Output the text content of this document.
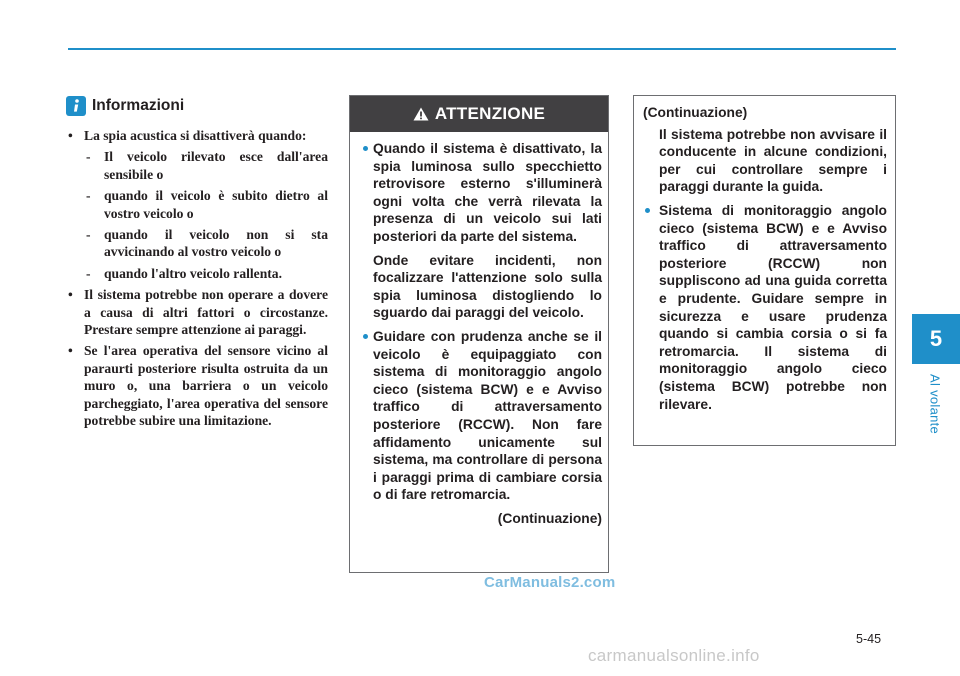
5
Al volante
Informazioni
• La spia acustica si disattiverà quando:
- Il veicolo rilevato esce dall'area sensibile o
- quando il veicolo è subito dietro al vostro veicolo o
- quando il veicolo non si sta avvicinando al vostro veicolo o
- quando l'altro veicolo rallenta.
• Il sistema potrebbe non operare a dovere a causa di altri fattori o circostanze. Prestare sempre attenzione ai paraggi.
• Se l'area operativa del sensore vicino al paraurti posteriore risulta ostruita da un muro o, una barriera o un veicolo parcheggiato, l'area operativa del sensore potrebbe subire una limitazione.
ATTENZIONE
Quando il sistema è disattivato, la spia luminosa sullo specchietto retrovisore esterno s'illuminerà ogni volta che verrà rilevata la presenza di un veicolo sui lati posteriori da parte del sistema.
Onde evitare incidenti, non focalizzare l'attenzione solo sulla spia luminosa distogliendo lo sguardo dai paraggi del veicolo.
Guidare con prudenza anche se il veicolo è equipaggiato con sistema di monitoraggio angolo cieco (sistema BCW) e e Avviso traffico di attraversamento posteriore (RCCW). Non fare affidamento unicamente sul sistema, ma controllare di persona i paraggi prima di cambiare corsia o di fare retromarcia.
(Continuazione)
(Continuazione)
Il sistema potrebbe non avvisare il conducente in alcune condizioni, per cui controllare sempre i paraggi durante la guida.
Sistema di monitoraggio angolo cieco (sistema BCW) e e Avviso traffico di attraversamento posteriore (RCCW) non suppliscono ad una guida corretta e prudente. Guidare sempre in sicurezza e usare prudenza quando si cambia corsia o si fa retromarcia. Il sistema di monitoraggio angolo cieco (sistema BCW) potrebbe non rilevare.
CarManuals2.com
5-45
carmanualsonline.info
